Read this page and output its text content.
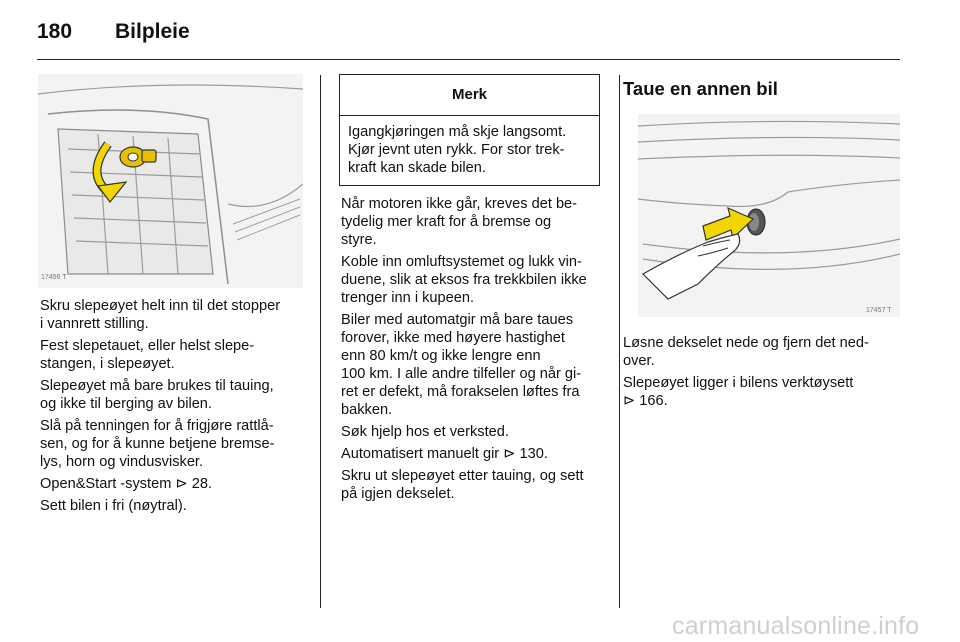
180 Bilpleie
17456 T

Skru slepeøyet helt inn til det stopper
i vannrett stilling.

Fest slepetauet, eller helst slepe-
stangen, i slepeøyet.

Slepeøyet må bare brukes til tauing,
og ikke til berging av bilen.

Slå på tenningen for å frigjøre rattlå-
sen, og for å kunne betjene bremse-
lys, horn og vindusvisker.

Open&Start -system ⊳ 28.

Sett bilen i fri (nøytral).

Merk
Igangkjøringen må skje langsomt.
Kjør jevnt uten rykk. For stor trek-
kraft kan skade bilen.

Når motoren ikke går, kreves det be-
tydelig mer kraft for å bremse og
styre.

Koble inn omluftsystemet og lukk vin-
duene, slik at eksos fra trekkbilen ikke
trenger inn i kupeen.

Biler med automatgir må bare taues
forover, ikke med høyere hastighet
enn 80 km/t og ikke lengre enn
100 km. I alle andre tilfeller og når gi-
ret er defekt, må forakselen løftes fra
bakken.

Søk hjelp hos et verksted.

Automatisert manuelt gir ⊳ 130.

Skru ut slepeøyet etter tauing, og sett
på igjen dekselet.

Taue en annen bil
17457 T

Løsne dekselet nede og fjern det ned-
over.

Slepeøyet ligger i bilens verktøysett
⊳ 166.

carmanualsonline.info
